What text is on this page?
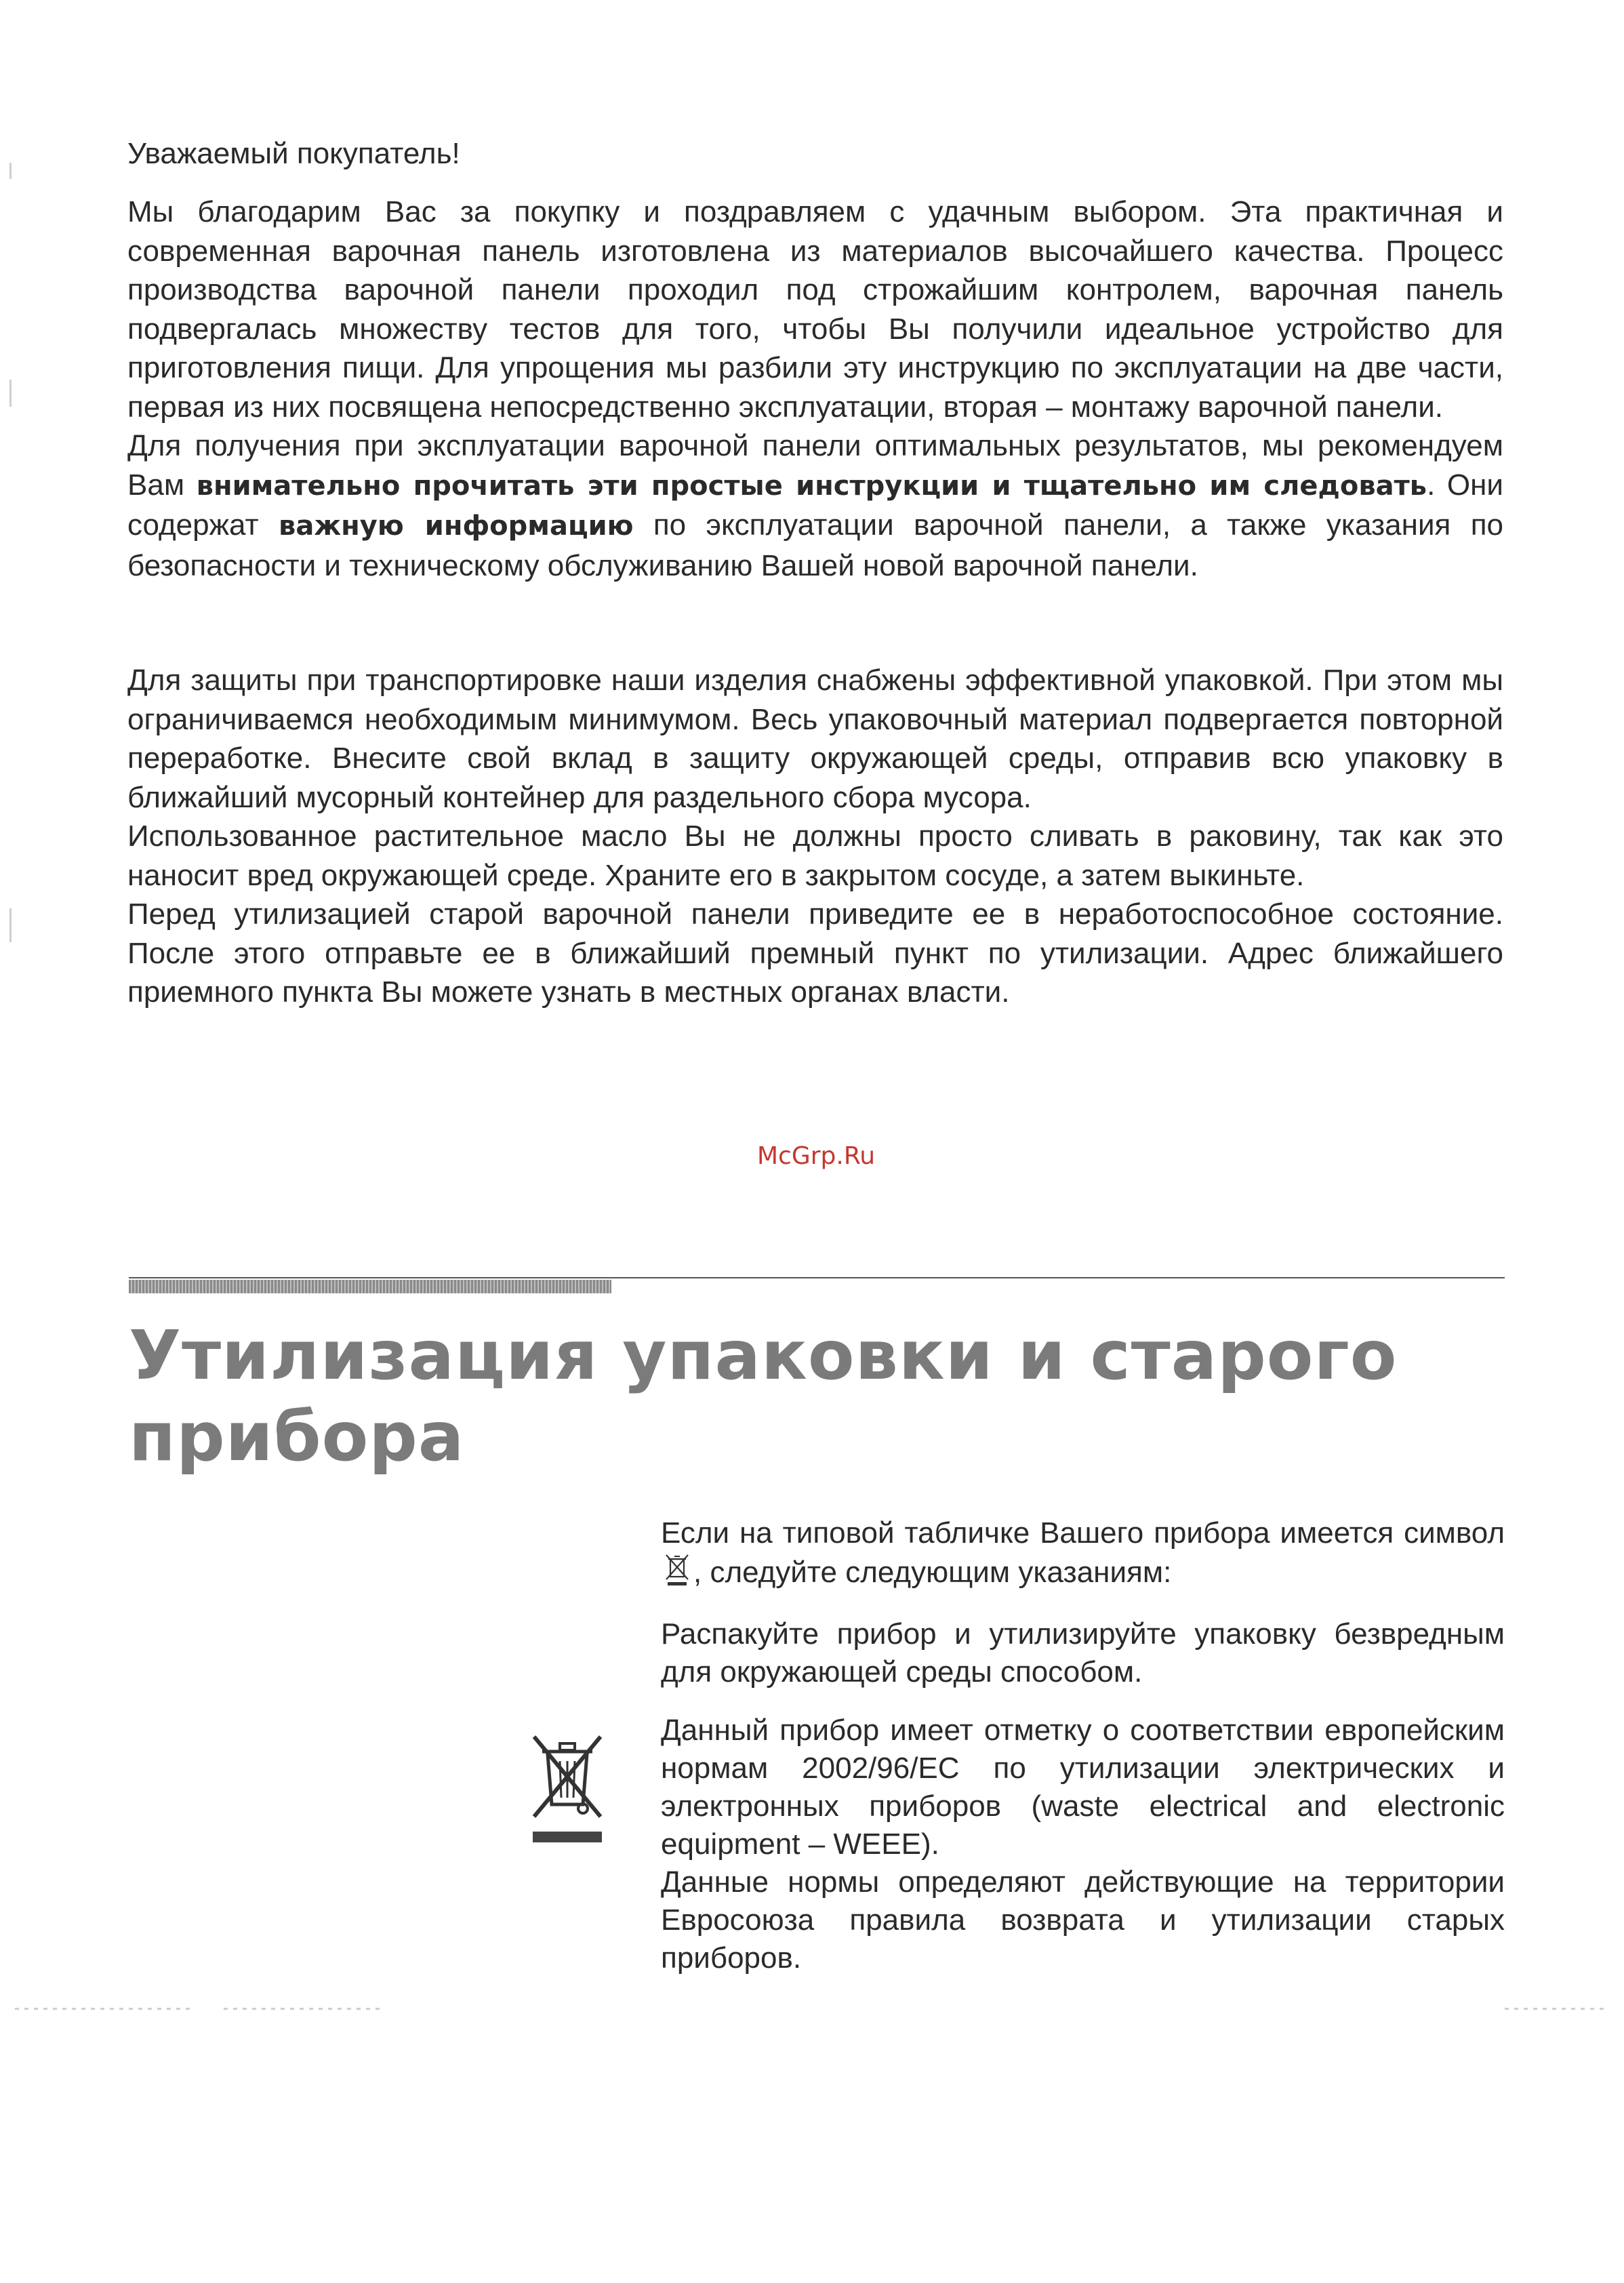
Уважаемый покупатель!

Мы благодарим Вас за покупку и поздравляем с удачным выбором. Эта практичная и современная варочная панель изготовлена из материалов высочайшего качества. Процесс производства варочной панели проходил под строжайшим контролем, варочная панель подвергалась множеству тестов для того, чтобы Вы получили идеальное устройство для приготовления пищи. Для упрощения мы разбили эту инструкцию по эксплуатации на две части, первая из них посвящена непосредственно эксплуатации, вторая – монтажу варочной панели.

Для получения при эксплуатации варочной панели оптимальных результатов, мы рекомендуем Вам внимательно прочитать эти простые инструкции и тщательно им следовать. Они содержат важную информацию по эксплуатации варочной панели, а также указания по безопасности и техническому обслуживанию Вашей новой варочной панели.

Для защиты при транспортировке наши изделия снабжены эффективной упаковкой. При этом мы ограничиваемся необходимым минимумом. Весь упаковочный материал подвергается повторной переработке. Внесите свой вклад в защиту окружающей среды, отправив всю упаковку в ближайший мусорный контейнер для раздельного сбора мусора.

Использованное растительное масло Вы не должны просто сливать в раковину, так как это наносит вред окружающей среде. Храните его в закрытом сосуде, а затем выкиньте.

Перед утилизацией старой варочной панели приведите ее в неработоспособное состояние. После этого отправьте ее в ближайший премный пункт по утилизации. Адрес ближайшего приемного пункта Вы можете узнать в местных органах власти.

McGrp.Ru

Утилизация упаковки и старого
прибора

Если на типовой табличке Вашего прибора имеется символ, следуйте следующим указаниям:

Распакуйте прибор и утилизируйте упаковку безвредным для окружающей среды способом.

Данный прибор имеет отметку о соответствии европейским нормам 2002/96/EC по утилизации электрических и электронных приборов (waste electrical and electronic equipment – WEEE).

Данные нормы определяют действующие на территории Евросоюза правила возврата и утилизации старых приборов.
